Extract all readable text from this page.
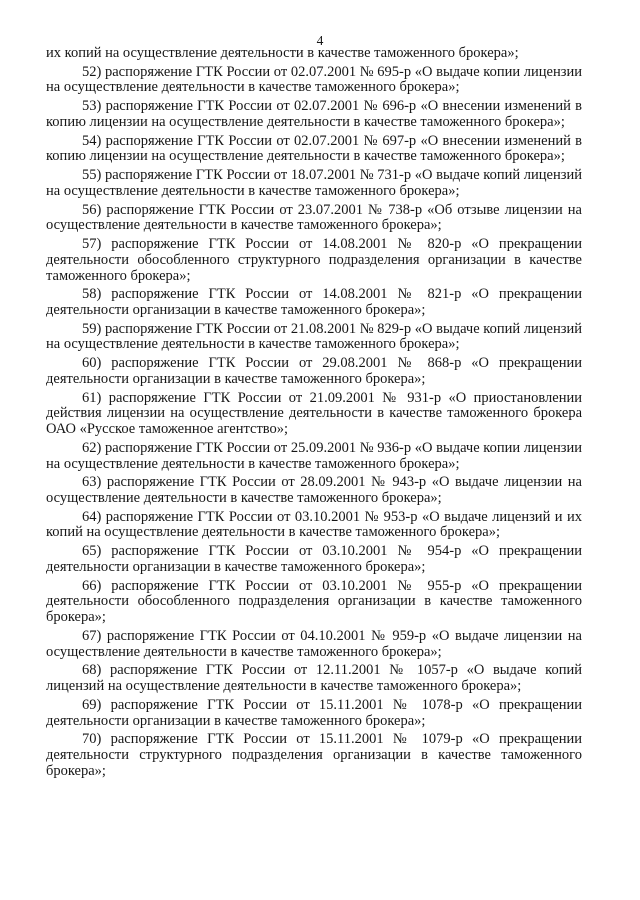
4

их копий на осуществление деятельности в качестве таможенного брокера»;

52) распоряжение ГТК России от 02.07.2001 № 695-р «О выдаче копии лицензии на осуществление деятельности в качестве таможенного брокера»;

53) распоряжение ГТК России от 02.07.2001 № 696-р «О внесении изменений в копию лицензии на осуществление деятельности в качестве таможенного брокера»;

54) распоряжение ГТК России от 02.07.2001 № 697-р «О внесении изменений в копию лицензии на осуществление деятельности в качестве таможенного брокера»;

55) распоряжение ГТК России от 18.07.2001 № 731-р «О выдаче копий лицензий на осуществление деятельности в качестве таможенного брокера»;

56) распоряжение ГТК России от 23.07.2001 № 738-р «Об отзыве лицензии на осуществление деятельности в качестве таможенного брокера»;

57) распоряжение ГТК России от 14.08.2001 № 820-р «О прекращении деятельности обособленного структурного подразделения организации в качестве таможенного брокера»;

58) распоряжение ГТК России от 14.08.2001 № 821-р «О прекращении деятельности организации в качестве таможенного брокера»;

59) распоряжение ГТК России от 21.08.2001 № 829-р «О выдаче копий лицензий на осуществление деятельности в качестве таможенного брокера»;

60) распоряжение ГТК России от 29.08.2001 № 868-р «О прекращении деятельности организации в качестве таможенного брокера»;

61) распоряжение ГТК России от 21.09.2001 № 931-р «О приостановлении действия лицензии на осуществление деятельности в качестве таможенного брокера ОАО «Русское таможенное агентство»;

62) распоряжение ГТК России от 25.09.2001 № 936-р «О выдаче копии лицензии на осуществление деятельности в качестве таможенного брокера»;

63) распоряжение ГТК России от 28.09.2001 № 943-р «О выдаче лицензии на осуществление деятельности в качестве таможенного брокера»;

64) распоряжение ГТК России от 03.10.2001 № 953-р «О выдаче лицензий и их копий на осуществление деятельности в качестве таможенного брокера»;

65) распоряжение ГТК России от 03.10.2001 № 954-р «О прекращении деятельности организации в качестве таможенного брокера»;

66) распоряжение ГТК России от 03.10.2001 № 955-р «О прекращении деятельности обособленного подразделения организации в качестве таможенного брокера»;

67) распоряжение ГТК России от 04.10.2001 № 959-р «О выдаче лицензии на осуществление деятельности в качестве таможенного брокера»;

68) распоряжение ГТК России от 12.11.2001 № 1057-р «О выдаче копий лицензий на осуществление деятельности в качестве таможенного брокера»;

69) распоряжение ГТК России от 15.11.2001 № 1078-р «О прекращении деятельности организации в качестве таможенного брокера»;

70) распоряжение ГТК России от 15.11.2001 № 1079-р «О прекращении деятельности структурного подразделения организации в качестве таможенного брокера»;
